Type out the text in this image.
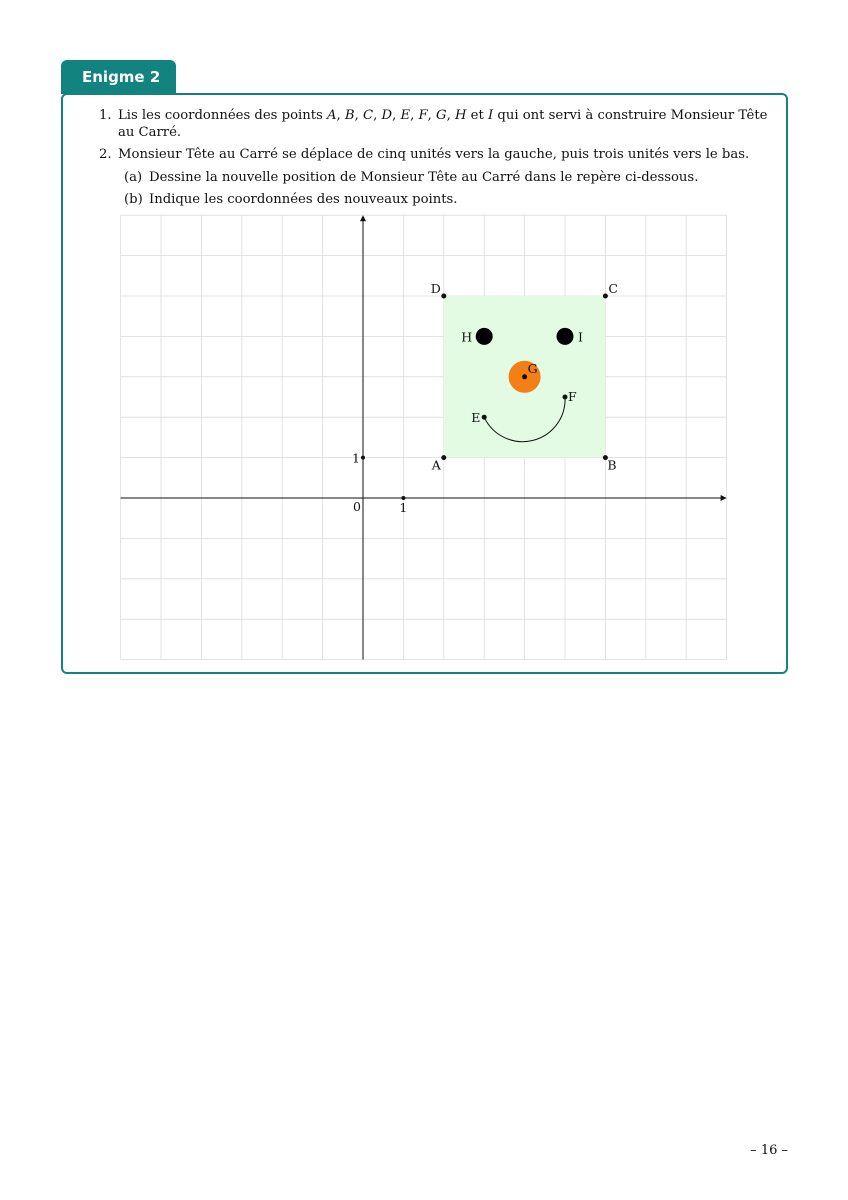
Enigme 2
1. Lis les coordonnées des points A, B, C, D, E, F, G, H et I qui ont servi à construire Monsieur Tête
au Carré.
2. Monsieur Tête au Carré se déplace de cinq unités vers la gauche, puis trois unités vers le bas.
(a) Dessine la nouvelle position de Monsieur Tête au Carré dans le repère ci-dessous.
(b) Indique les coordonnées des nouveaux points.
A	B
C
D
E
F
G
H	I
0	1
1
– 16 –
